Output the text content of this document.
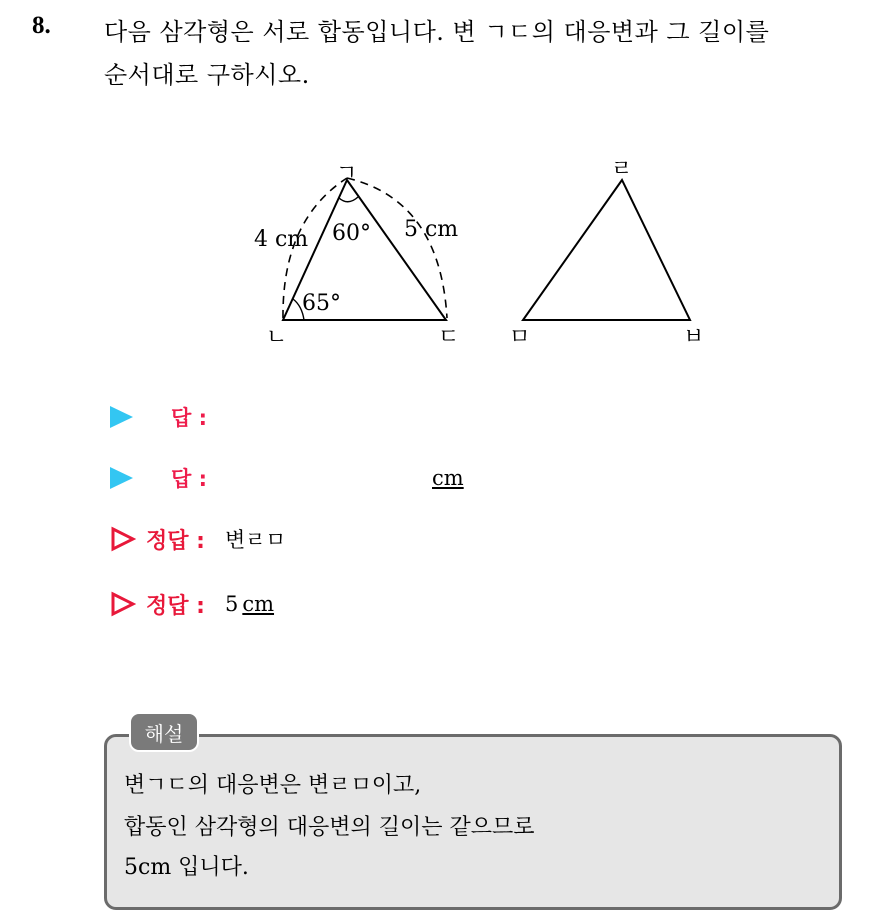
8. 다음 삼각형은 서로 합동입니다. 변 ㄱㄷ의 대응변과 그 길이를
순서대로 구하시오.
ㄱ
ㄴ	ㄷ
4 cm	5 cm
60°
65°
ㄹ
ㅁ	ㅂ
답 :
답 :	cm
정답 : 변ㄹㅁ
정답 : 5 cm
해설
변ㄱㄷ의 대응변은 변ㄹㅁ이고,
합동인 삼각형의 대응변의 길이는 같으므로
5cm 입니다.
